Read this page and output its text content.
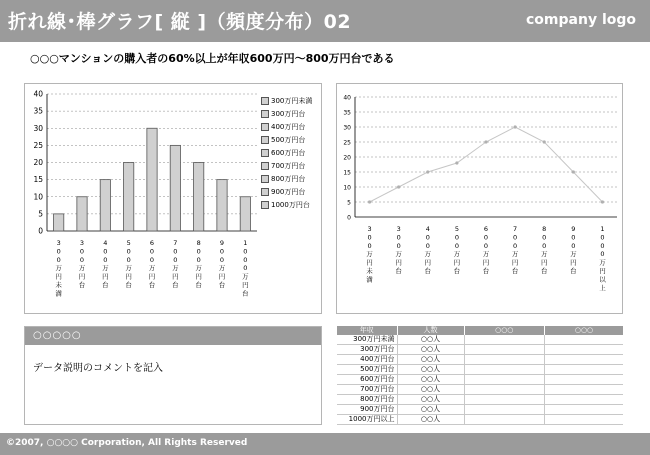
折れ線･棒グラフ[ 縦 ]（頻度分布）02	company logo
○○○マンションの購入者の60%以上が年収600万円～800万円台である
0
5
10
15
20
25
30
35
40
3 0 0 万円未満
3 0 0 万円台
4 0 0 万円台
5 0 0 万円台
6 0 0 万円台
7 0 0 万円台
8 0 0 万円台
9 0 0 万円台
1 0 0 0 万円台
300万円未満
300万円台
400万円台
500万円台
600万円台
700万円台
800万円台
900万円台
1000万円台
0
5
10
15
20
25
30
35
40
3 0 0 万円未満
3 0 0 万円台
4 0 0 万円台
5 0 0 万円台
6 0 0 万円台
7 0 0 万円台
8 0 0 万円台
9 0 0 万円台
1 0 0 0 万円以上
○○○○○
データ説明のコメントを記入
年収	人数	○○○	○○○
300万円未満	○○人		
300万円台	○○人		
400万円台	○○人		
500万円台	○○人		
600万円台	○○人		
700万円台	○○人		
800万円台	○○人		
900万円台	○○人		
1000万円以上	○○人		
©2007, ○○○○ Corporation, All Rights Reserved
